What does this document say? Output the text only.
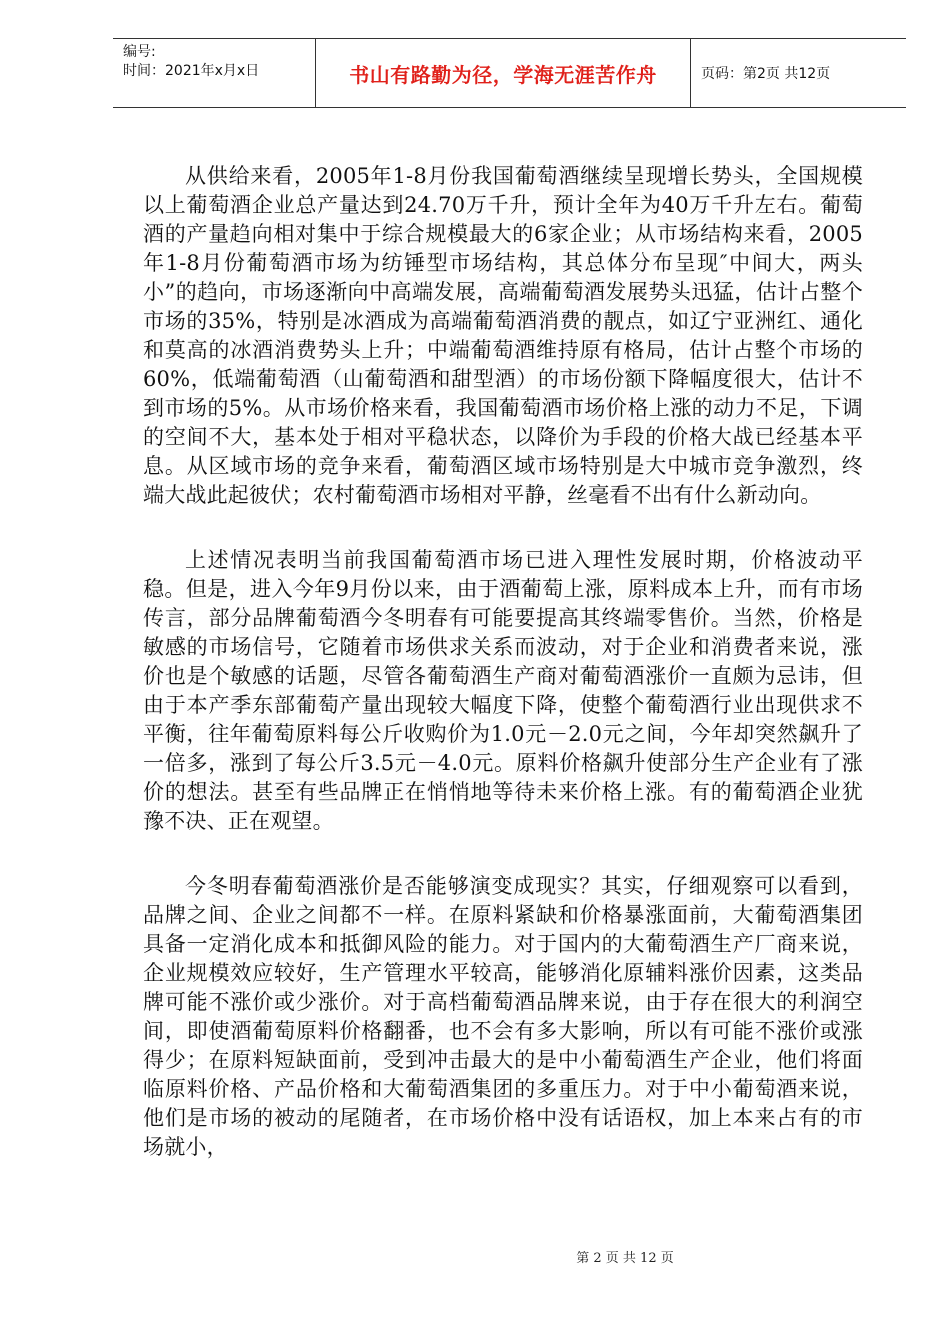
编号:
时间：2021年x月x日	书山有路勤为径，学海无涯苦作舟	页码：第2页 共12页

从供给来看，2005年1-8月份我国葡萄酒继续呈现增长势头，全国规模以上葡萄酒企业总产量达到24.70万千升，预计全年为40万千升左右。葡萄酒的产量趋向相对集中于综合规模最大的6家企业；从市场结构来看，2005年1-8月份葡萄酒市场为纺锤型市场结构，其总体分布呈现″中间大，两头小”的趋向，市场逐渐向中高端发展，高端葡萄酒发展势头迅猛，估计占整个市场的35%，特别是冰酒成为高端葡萄酒消费的靓点，如辽宁亚洲红、通化和莫高的冰酒消费势头上升；中端葡萄酒维持原有格局，估计占整个市场的60%，低端葡萄酒（山葡萄酒和甜型酒）的市场份额下降幅度很大，估计不到市场的5%。从市场价格来看，我国葡萄酒市场价格上涨的动力不足，下调的空间不大，基本处于相对平稳状态，以降价为手段的价格大战已经基本平息。从区域市场的竞争来看，葡萄酒区域市场特别是大中城市竞争激烈，终端大战此起彼伏；农村葡萄酒市场相对平静，丝毫看不出有什么新动向。

上述情况表明当前我国葡萄酒市场已进入理性发展时期，价格波动平稳。但是，进入今年9月份以来，由于酒葡萄上涨，原料成本上升，而有市场传言，部分品牌葡萄酒今冬明春有可能要提高其终端零售价。当然，价格是敏感的市场信号，它随着市场供求关系而波动，对于企业和消费者来说，涨价也是个敏感的话题，尽管各葡萄酒生产商对葡萄酒涨价一直颇为忌讳，但由于本产季东部葡萄产量出现较大幅度下降，使整个葡萄酒行业出现供求不平衡，往年葡萄原料每公斤收购价为1.0元－2.0元之间，今年却突然飙升了一倍多，涨到了每公斤3.5元－4.0元。原料价格飙升使部分生产企业有了涨价的想法。甚至有些品牌正在悄悄地等待未来价格上涨。有的葡萄酒企业犹豫不决、正在观望。

今冬明春葡萄酒涨价是否能够演变成现实？其实，仔细观察可以看到，品牌之间、企业之间都不一样。在原料紧缺和价格暴涨面前，大葡萄酒集团具备一定消化成本和抵御风险的能力。对于国内的大葡萄酒生产厂商来说，企业规模效应较好，生产管理水平较高，能够消化原辅料涨价因素，这类品牌可能不涨价或少涨价。对于高档葡萄酒品牌来说，由于存在很大的利润空间，即使酒葡萄原料价格翻番，也不会有多大影响，所以有可能不涨价或涨得少；在原料短缺面前，受到冲击最大的是中小葡萄酒生产企业，他们将面临原料价格、产品价格和大葡萄酒集团的多重压力。对于中小葡萄酒来说，他们是市场的被动的尾随者，在市场价格中没有话语权，加上本来占有的市场就小，

第 2 页 共 12 页
